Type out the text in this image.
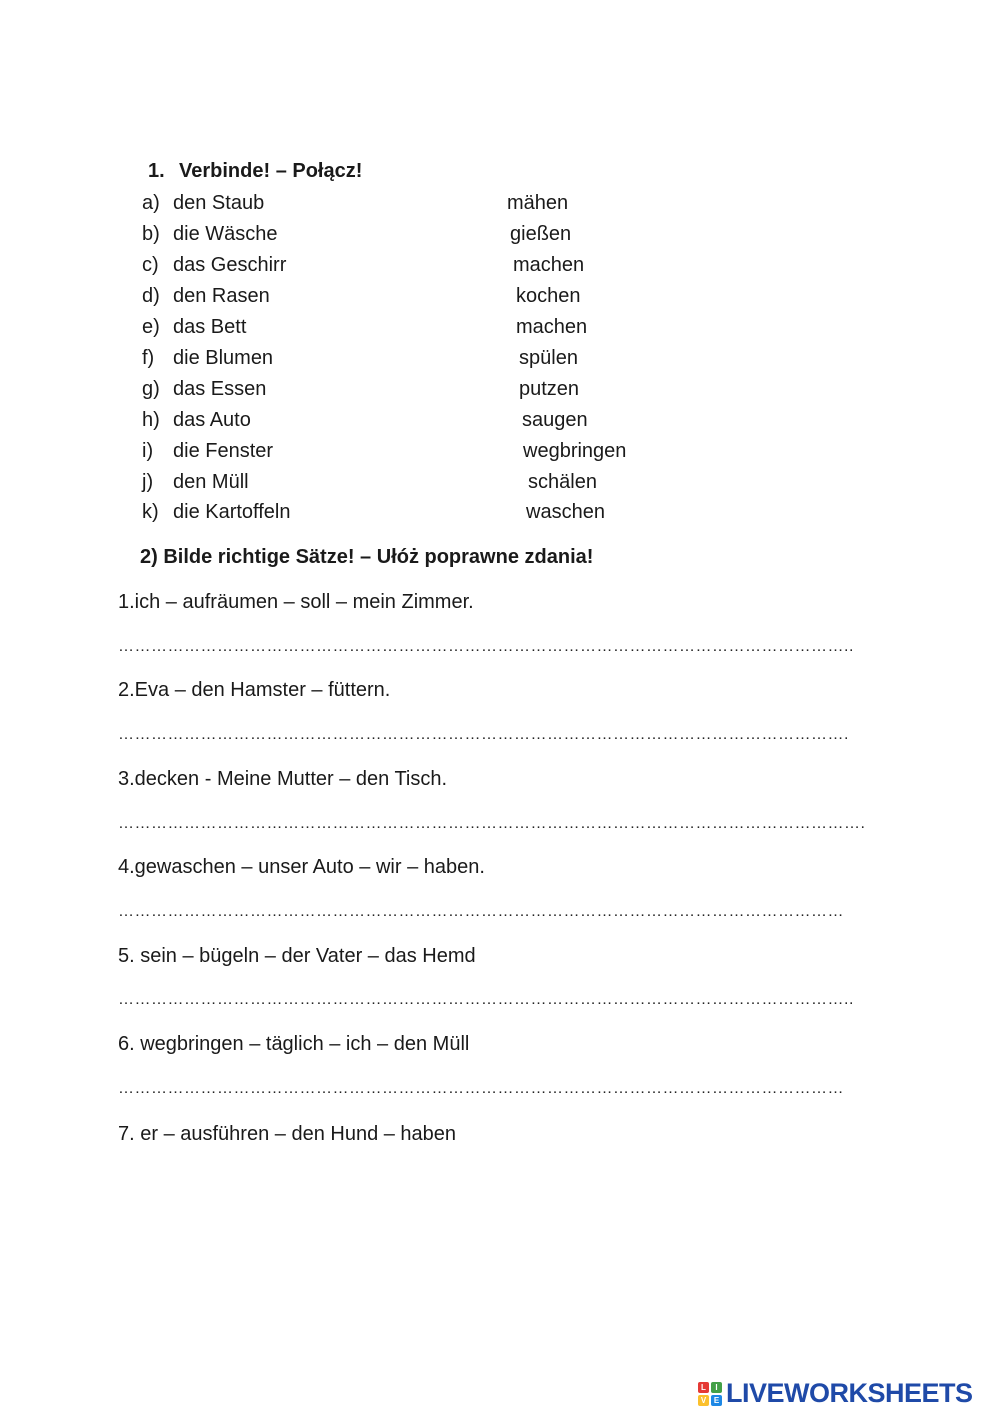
1. Verbinde! – Połącz!
a) den Staub	mähen
b) die Wäsche	gießen
c) das Geschirr	machen
d) den Rasen	kochen
e) das Bett	machen
f) die Blumen	spülen
g) das Essen	putzen
h) das Auto	saugen
i) die Fenster	wegbringen
j) den Müll	schälen
k) die Kartoffeln	waschen
2) Bilde richtige Sätze! – Ułóż poprawne zdania!
1.ich – aufräumen – soll – mein Zimmer.
……………………………………………………………………………………………………………………..
2.Eva – den Hamster – füttern.
…………………………………………………………………………………………………………………….
3.decken - Meine Mutter – den Tisch.
……………………………………………………………………………………………………………………….
4.gewaschen – unser Auto – wir – haben.
……………………………………………………………………………………………………………………
5. sein – bügeln – der Vater – das Hemd
……………………………………………………………………………………………………………………..
6. wegbringen – täglich – ich – den Müll
……………………………………………………………………………………………………………………
7. er – ausführen – den Hund – haben
L	I
V E LIVEWORKSHEETS
